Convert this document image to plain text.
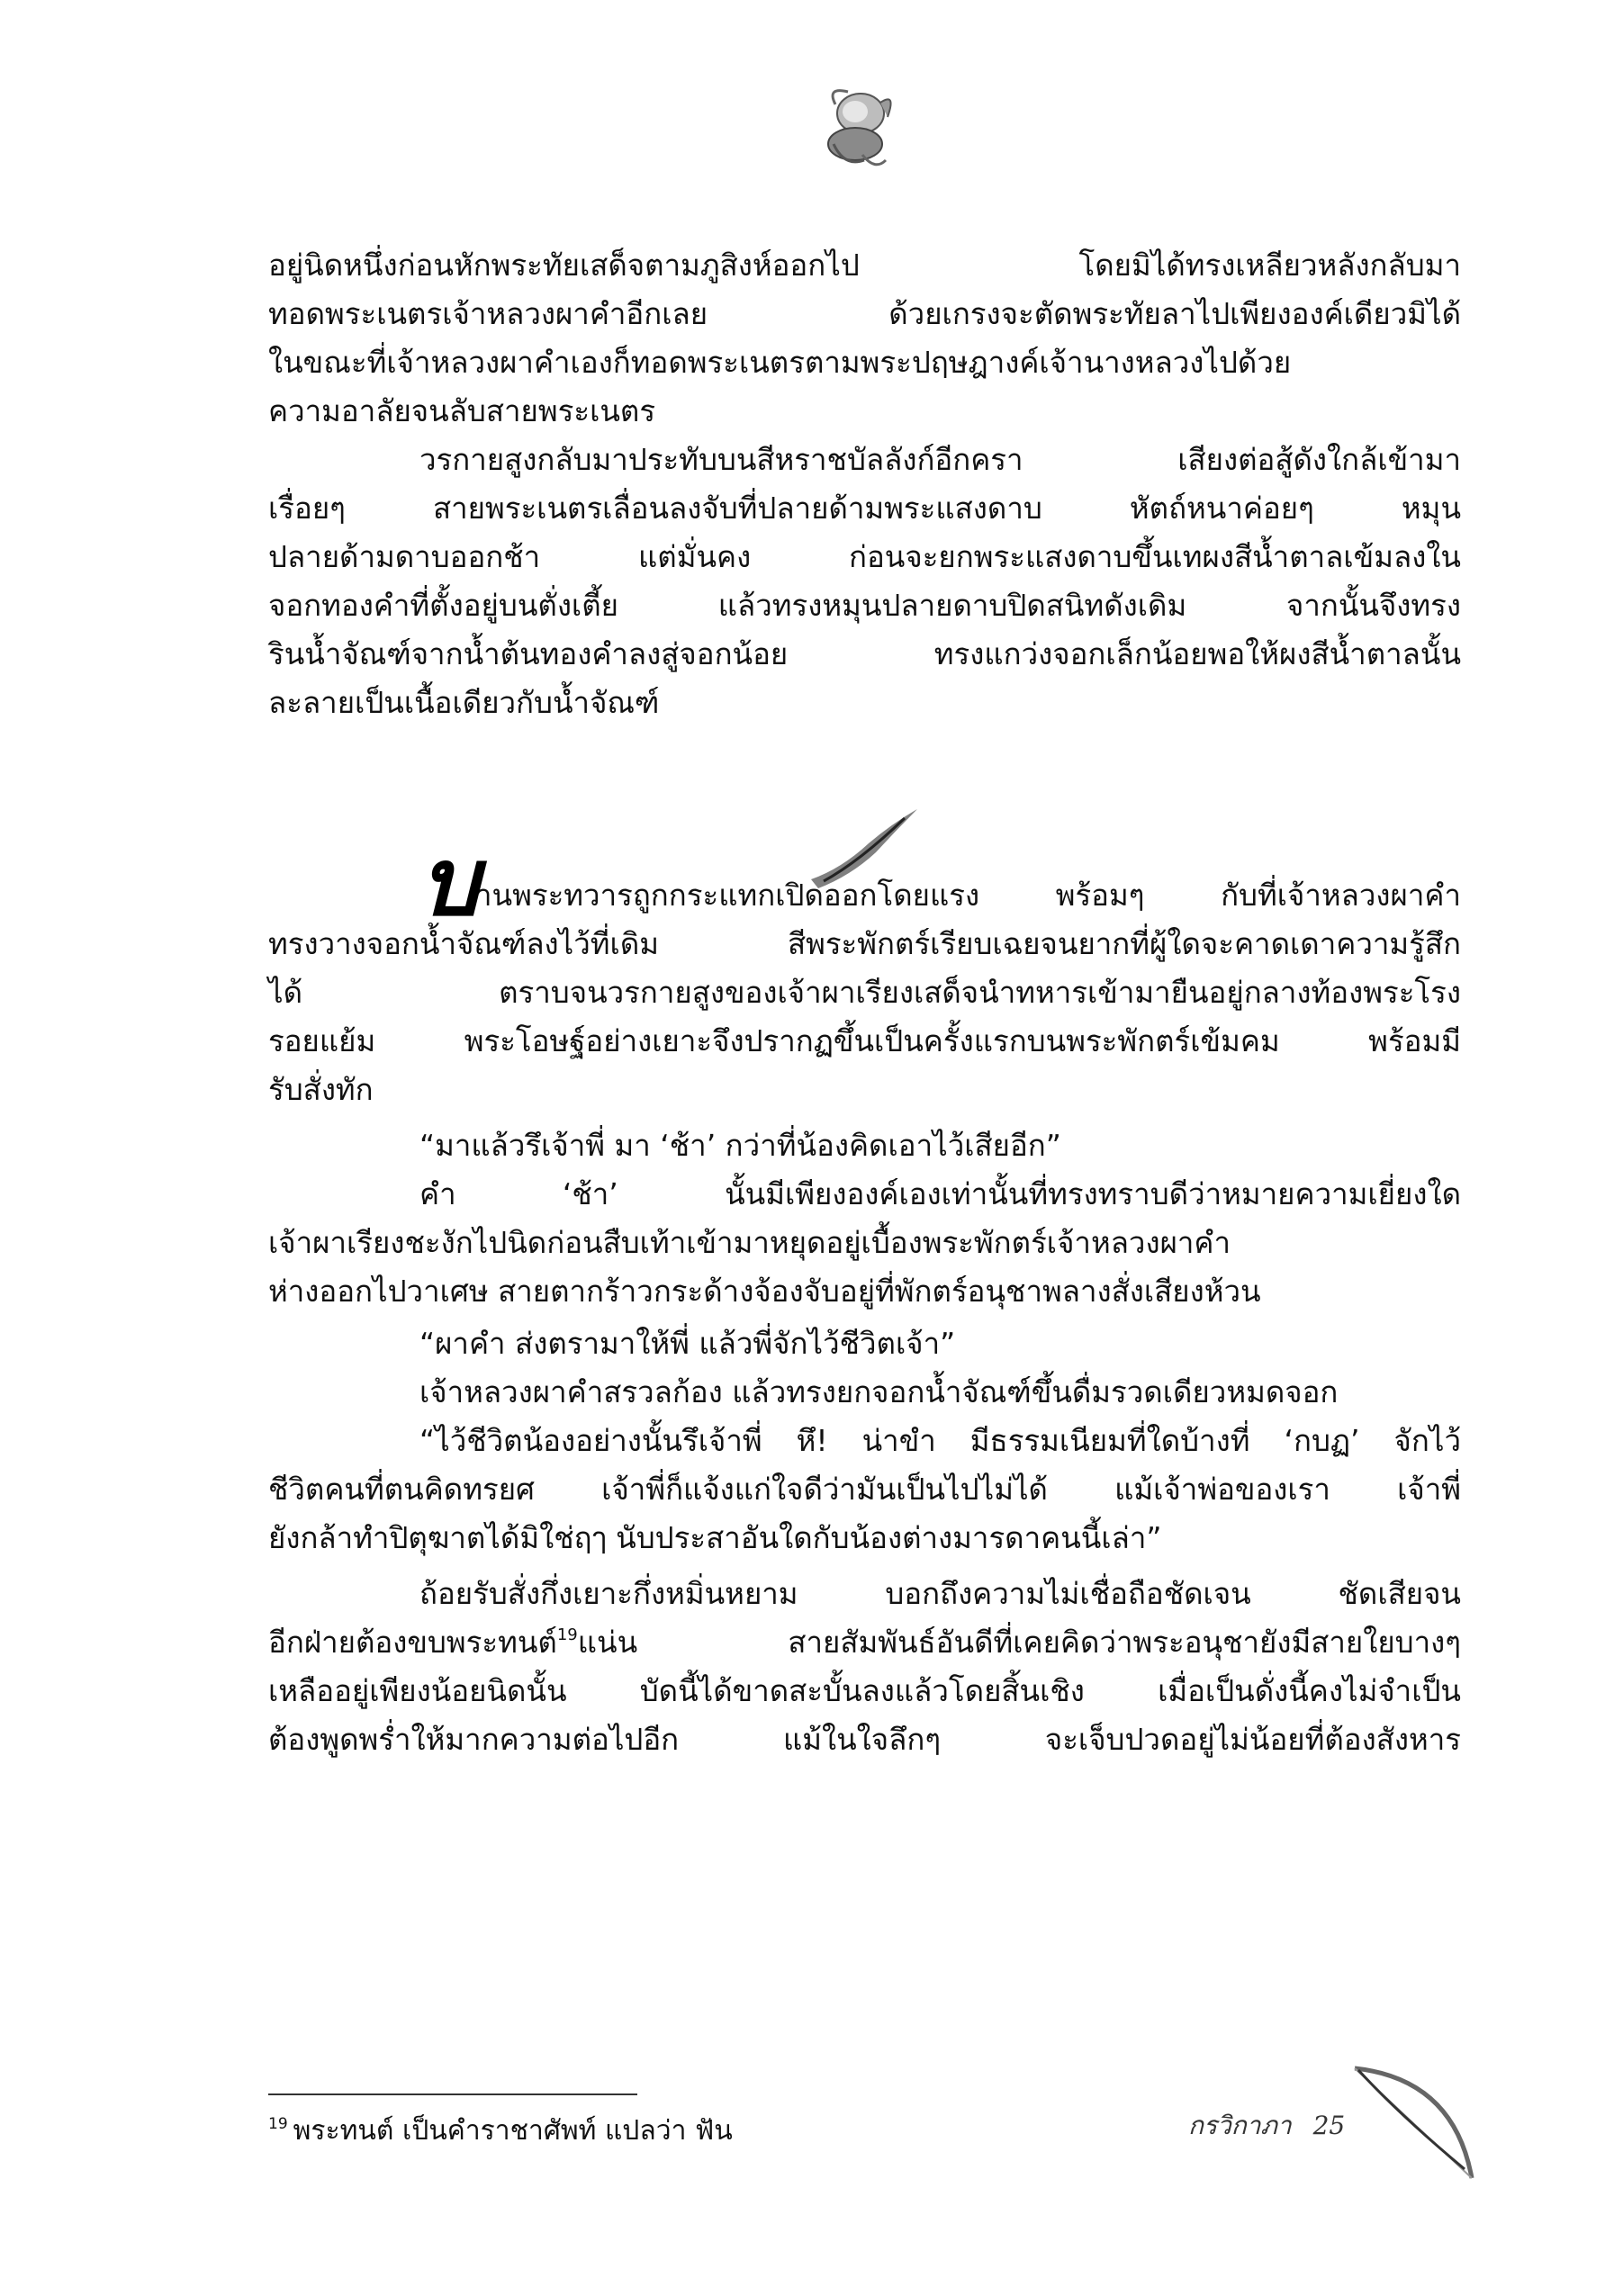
อยู่นิดหนึ่งก่อนหักพระทัยเสด็จตามภูสิงห์ออกไป โดยมิได้ทรงเหลียวหลังกลับมา
ทอดพระเนตรเจ้าหลวงผาคำอีกเลย ด้วยเกรงจะตัดพระทัยลาไปเพียงองค์เดียวมิได้
ในขณะที่เจ้าหลวงผาคำเองก็ทอดพระเนตรตามพระปฤษฎางค์เจ้านางหลวงไปด้วย
ความอาลัยจนลับสายพระเนตร
วรกายสูงกลับมาประทับบนสีหราชบัลลังก์อีกครา เสียงต่อสู้ดังใกล้เข้ามา
เรื่อยๆ สายพระเนตรเลื่อนลงจับที่ปลายด้ามพระแสงดาบ หัตถ์หนาค่อยๆ หมุน
ปลายด้ามดาบออกช้า แต่มั่นคง ก่อนจะยกพระแสงดาบขึ้นเทผงสีน้ำตาลเข้มลงใน
จอกทองคำที่ตั้งอยู่บนตั่งเตี้ย แล้วทรงหมุนปลายดาบปิดสนิทดังเดิม จากนั้นจึงทรง
รินน้ำจัณฑ์จากน้ำต้นทองคำลงสู่จอกน้อย ทรงแกว่งจอกเล็กน้อยพอให้ผงสีน้ำตาลนั้น
ละลายเป็นเนื้อเดียวกับน้ำจัณฑ์
บ
านพระทวารถูกกระแทกเปิดออกโดยแรง พร้อมๆ กับที่เจ้าหลวงผาคำ
ทรงวางจอกน้ำจัณฑ์ลงไว้ที่เดิม สีพระพักตร์เรียบเฉยจนยากที่ผู้ใดจะคาดเดาความรู้สึก
ได้ ตราบจนวรกายสูงของเจ้าผาเรียงเสด็จนำทหารเข้ามายืนอยู่กลางท้องพระโรง
รอยแย้ม พระโอษฐ์อย่างเยาะจึงปรากฏขึ้นเป็นครั้งแรกบนพระพักตร์เข้มคม พร้อมมี
รับสั่งทัก
“มาแล้วรึเจ้าพี่ มา ‘ช้า’ กว่าที่น้องคิดเอาไว้เสียอีก”
คำ ‘ช้า’ นั้นมีเพียงองค์เองเท่านั้นที่ทรงทราบดีว่าหมายความเยี่ยงใด
เจ้าผาเรียงชะงักไปนิดก่อนสืบเท้าเข้ามาหยุดอยู่เบื้องพระพักตร์เจ้าหลวงผาคำ
ห่างออกไปวาเศษ สายตากร้าวกระด้างจ้องจับอยู่ที่พักตร์อนุชาพลางสั่งเสียงห้วน
“ผาคำ ส่งตรามาให้พี่ แล้วพี่จักไว้ชีวิตเจ้า”
เจ้าหลวงผาคำสรวลก้อง แล้วทรงยกจอกน้ำจัณฑ์ขึ้นดื่มรวดเดียวหมดจอก
“ไว้ชีวิตน้องอย่างนั้นรึเจ้าพี่ หึ! น่าขำ มีธรรมเนียมที่ใดบ้างที่ ‘กบฏ’ จักไว้
ชีวิตคนที่ตนคิดทรยศ เจ้าพี่ก็แจ้งแก่ใจดีว่ามันเป็นไปไม่ได้ แม้เจ้าพ่อของเรา เจ้าพี่
ยังกล้าทำปิตุฆาตได้มิใช่ฤๅ นับประสาอันใดกับน้องต่างมารดาคนนี้เล่า”
ถ้อยรับสั่งกึ่งเยาะกึ่งหมิ่นหยาม บอกถึงความไม่เชื่อถือชัดเจน ชัดเสียจน
อีกฝ่ายต้องขบพระทนต์$^{19}$แน่น สายสัมพันธ์อันดีที่เคยคิดว่าพระอนุชายังมีสายใยบางๆ
เหลืออยู่เพียงน้อยนิดนั้น บัดนี้ได้ขาดสะบั้นลงแล้วโดยสิ้นเชิง เมื่อเป็นดั่งนี้คงไม่จำเป็น
ต้องพูดพร่ำให้มากความต่อไปอีก แม้ในใจลึกๆ จะเจ็บปวดอยู่ไม่น้อยที่ต้องสังหาร
$^{19}$ พระทนต์ เป็นคำราชาศัพท์ แปลว่า ฟัน	กรวิกาภา 25
